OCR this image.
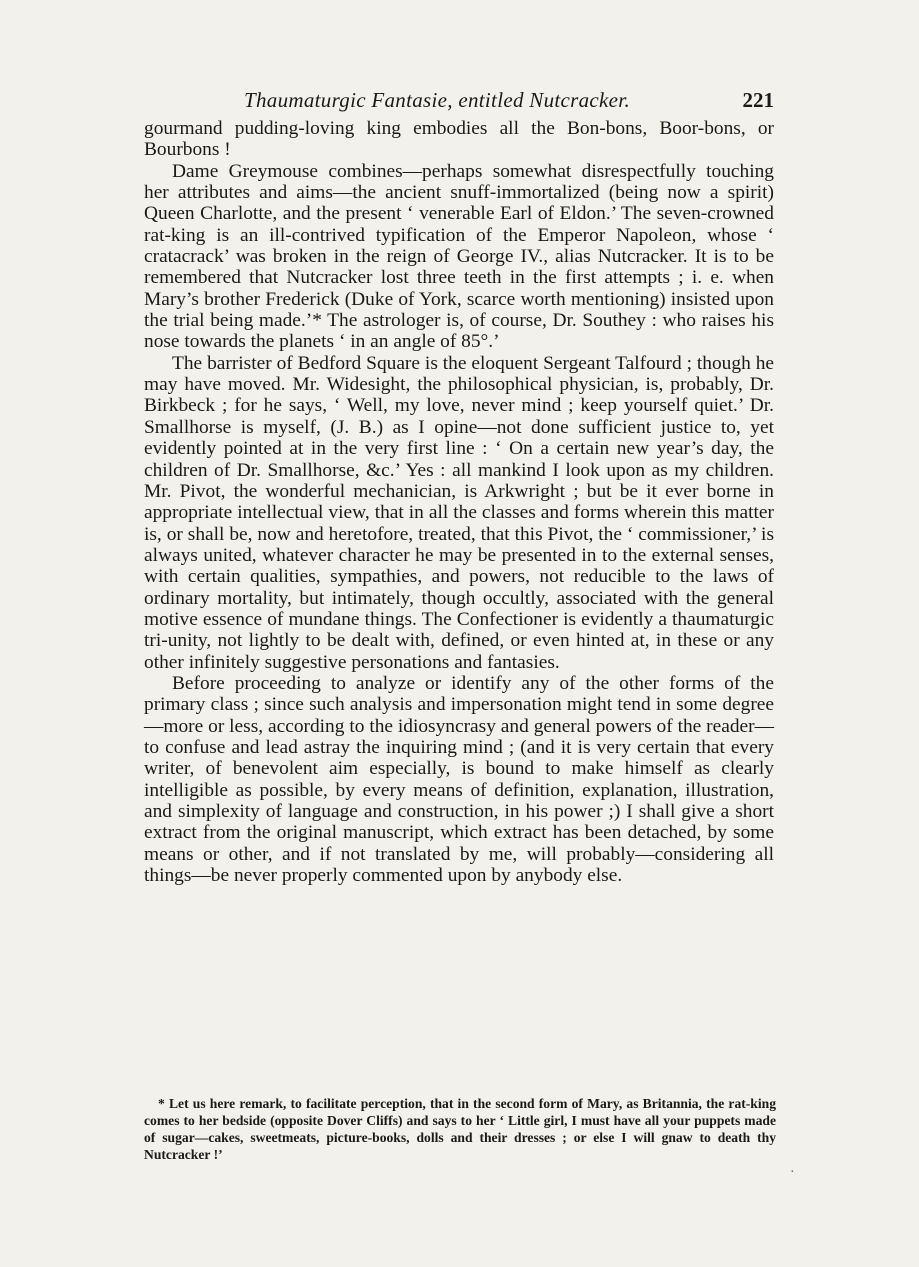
Thaumaturgic Fantasie, entitled Nutcracker.	221

gourmand pudding-loving king embodies all the Bon-bons, Boor-bons, or Bourbons !

Dame Greymouse combines—perhaps somewhat disrespectfully touching her attributes and aims—the ancient snuff-immortalized (being now a spirit) Queen Charlotte, and the present ‘ venerable Earl of Eldon.’ The seven-crowned rat-king is an ill-contrived typification of the Emperor Napoleon, whose ‘ cratacrack’ was broken in the reign of George IV., alias Nutcracker. It is to be remembered that Nutcracker lost three teeth in the first attempts ; i. e. when Mary’s brother Frederick (Duke of York, scarce worth mentioning) insisted upon the trial being made.’* The astrologer is, of course, Dr. Southey : who raises his nose towards the planets ‘ in an angle of 85°.’

The barrister of Bedford Square is the eloquent Sergeant Talfourd ; though he may have moved. Mr. Widesight, the philosophical physician, is, probably, Dr. Birkbeck ; for he says, ‘ Well, my love, never mind ; keep yourself quiet.’ Dr. Smallhorse is myself, (J. B.) as I opine—not done sufficient justice to, yet evidently pointed at in the very first line : ‘ On a certain new year’s day, the children of Dr. Smallhorse, &c.’ Yes : all mankind I look upon as my children. Mr. Pivot, the wonderful mechanician, is Arkwright ; but be it ever borne in appropriate intellectual view, that in all the classes and forms wherein this matter is, or shall be, now and heretofore, treated, that this Pivot, the ‘ commissioner,’ is always united, whatever character he may be presented in to the external senses, with certain qualities, sympathies, and powers, not reducible to the laws of ordinary mortality, but intimately, though occultly, associated with the general motive essence of mundane things. The Confectioner is evidently a thaumaturgic tri-unity, not lightly to be dealt with, defined, or even hinted at, in these or any other infinitely suggestive personations and fantasies.

Before proceeding to analyze or identify any of the other forms of the primary class ; since such analysis and impersonation might tend in some degree—more or less, according to the idiosyncrasy and general powers of the reader—to confuse and lead astray the inquiring mind ; (and it is very certain that every writer, of benevolent aim especially, is bound to make himself as clearly intelligible as possible, by every means of definition, explanation, illustration, and simplexity of language and construction, in his power ;) I shall give a short extract from the original manuscript, which extract has been detached, by some means or other, and if not translated by me, will probably—considering all things—be never properly commented upon by anybody else.

* Let us here remark, to facilitate perception, that in the second form of Mary, as Britannia, the rat-king comes to her bedside (opposite Dover Cliffs) and says to her ‘ Little girl, I must have all your puppets made of sugar—cakes, sweetmeats, picture-books, dolls and their dresses ; or else I will gnaw to death thy Nutcracker !’

·
